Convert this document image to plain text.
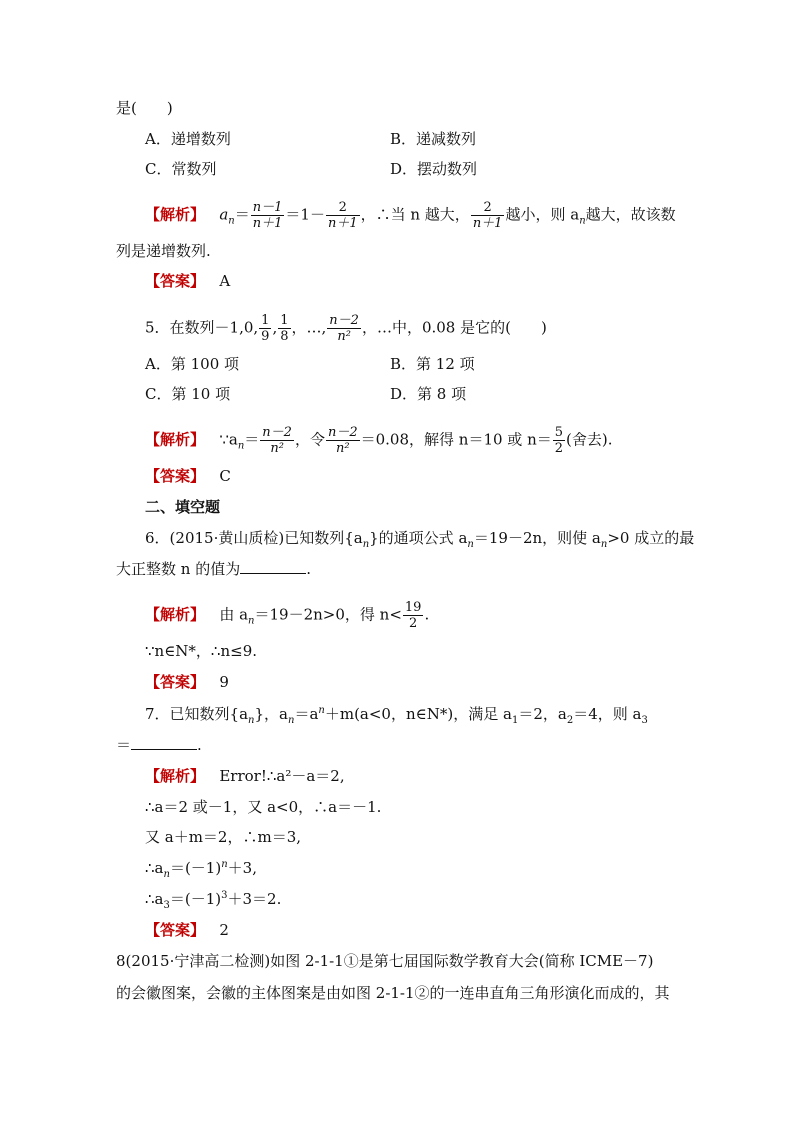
是(　　)
A．递增数列	B．递减数列
C．常数列	D．摆动数列
【解析】 $a_n= \frac{n-1}{n+1} =1- \frac{2}{n+1}$ ，∴当 n 越大， $\frac{2}{n+1}$ 越小，则 $a_n$越大，故该数
列是递增数列.
【答案】 A
5．在数列－1,0, $\frac{1}{9}$ , $\frac{1}{8}$ ，…, $\frac{n-2}{\text{n²}}$ ，…中，0.08 是它的(　　)
A．第 100 项	B．第 12 项
C．第 10 项	D．第 8 项
【解析】 $\because a_n= \frac{n-2}{\text{n²}}$ ，令 $\frac{n-2}{\text{n²}} =0.08$，解得 n＝10 或 $n= \frac{5}{2}$ (舍去).
【答案】 C
二、填空题
6．(2015·黄山质检)已知数列$\{a_n\}$的通项公式 $a_n=19-2n$，则使 $a_n>0$ 成立的最
大正整数 n 的值为	.
【解析】 由 $a_n=19-2n>0$，得 $n< \frac{19}{2}$ .
∵n∈N*，∴n≤9.
【答案】 9
7．已知数列$\{a_n\}$，$a_n=a^n+m(a<0$，n∈N*)，满足 $a_1=2$，$a_2=4$，则 $a_3$
＝	.
【解析】 Error!∴a²－a＝2,
∴a＝2 或－1，又 a<0，∴a＝－1.
又 a＋m＝2，∴m＝3,
$\therefore a_n=(-1)^n+3$,
$\therefore a_3=(-1)^3+3=2$.
【答案】 2
8(2015·宁津高二检测)如图 2-1-1①是第七届国际数学教育大会(简称 ICME－7)
的会徽图案，会徽的主体图案是由如图 2-1-1②的一连串直角三角形演化而成的，其
